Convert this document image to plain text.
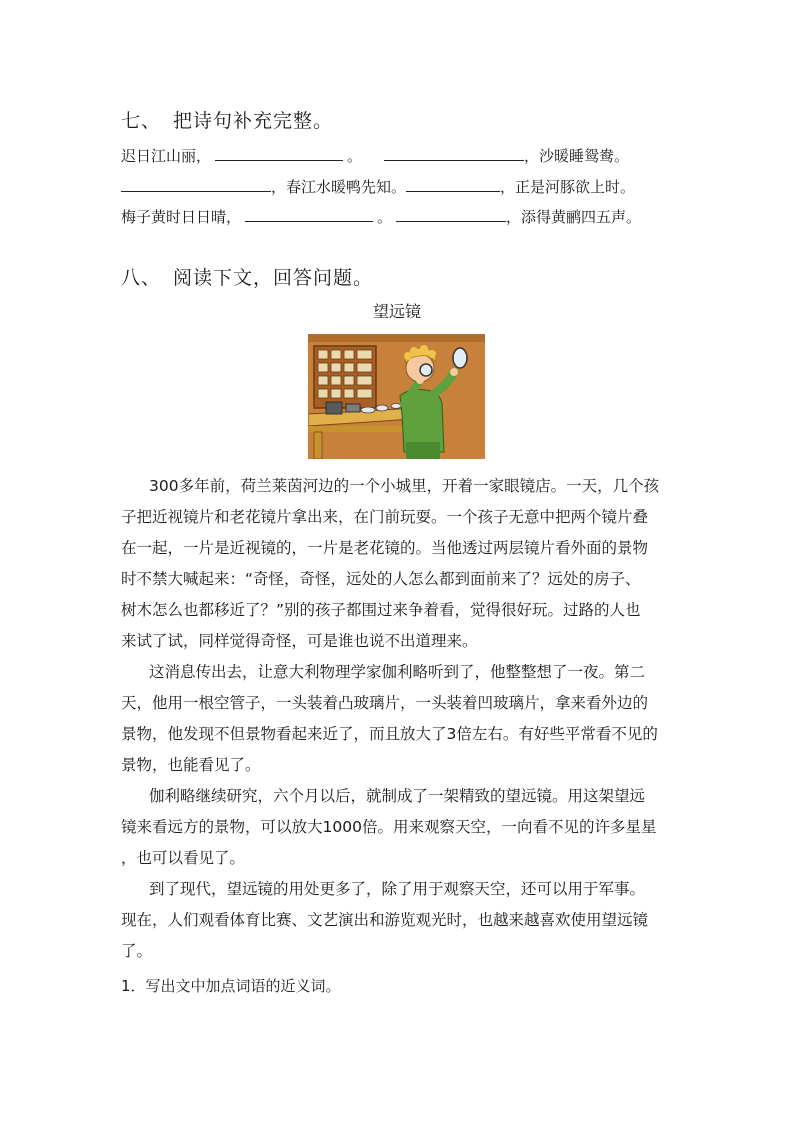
七、 把诗句补充完整。
迟日江山丽，	。	，沙暖睡鸳鸯。
，春江水暖鸭先知。	，正是河豚欲上时。
梅子黄时日日晴，	。	，添得黄鹂四五声。
八、 阅读下文，回答问题。
望远镜
300多年前，荷兰莱茵河边的一个小城里，开着一家眼镜店。一天，几个孩
子把近视镜片和老花镜片拿出来，在门前玩耍。一个孩子无意中把两个镜片叠
在一起，一片是近视镜的，一片是老花镜的。当他透过两层镜片看外面的景物
时不禁大喊起来：“奇怪，奇怪，远处的人怎么都到面前来了？远处的房子、
树木怎么也都移近了？”别的孩子都围过来争着看，觉得很好玩。过路的人也
来试了试，同样觉得奇怪，可是谁也说不出道理来。
这消息传出去，让意大利物理学家伽利略听到了，他整整想了一夜。第二
天，他用一根空管子，一头装着凸玻璃片，一头装着凹玻璃片，拿来看外边的
景物，他发现不但景物看起来近了，而且放大了3倍左右。有好些平常看不见的
景物，也能看见了。
伽利略继续研究，六个月以后，就制成了一架精致的望远镜。用这架望远
镜来看远方的景物，可以放大1000倍。用来观察天空，一向看不见的许多星星
，也可以看见了。
到了现代，望远镜的用处更多了，除了用于观察天空，还可以用于军事。
现在，人们观看体育比赛、文艺演出和游览观光时，也越来越喜欢使用望远镜
了。
1．写出文中加点词语的近义词。
